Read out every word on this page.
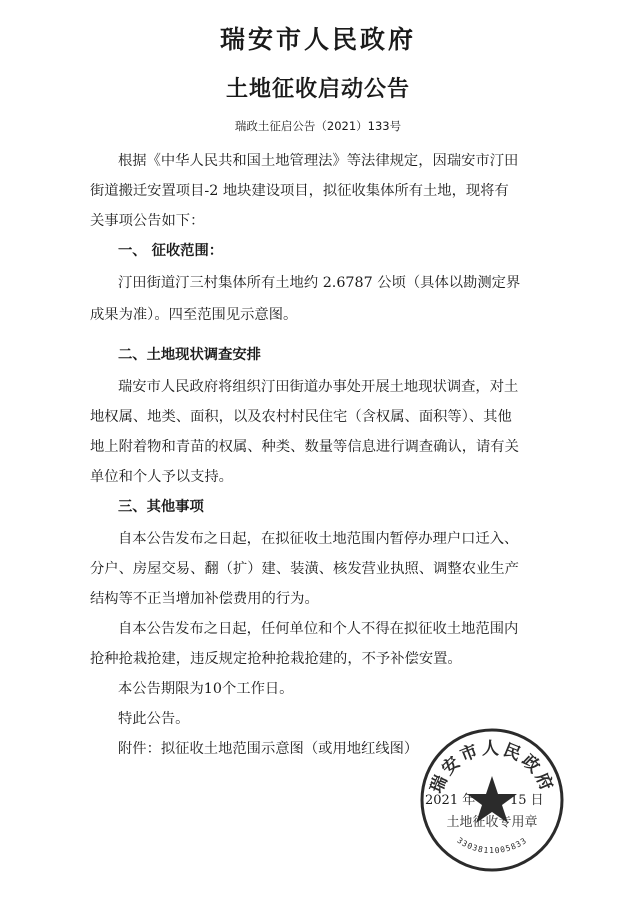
瑞安市人民政府
土地征收启动公告
瑞政土征启公告（2021）133号
根据《中华人民共和国土地管理法》等法律规定，因瑞安市汀田
街道搬迁安置项目-2 地块建设项目，拟征收集体所有土地，现将有
关事项公告如下：
一、 征收范围：
汀田街道汀三村集体所有土地约 2.6787 公顷（具体以勘测定界
成果为准）。四至范围见示意图。
二、土地现状调查安排
瑞安市人民政府将组织汀田街道办事处开展土地现状调查，对土
地权属、地类、面积，以及农村村民住宅（含权属、面积等）、其他
地上附着物和青苗的权属、种类、数量等信息进行调查确认，请有关
单位和个人予以支持。
三、其他事项
自本公告发布之日起，在拟征收土地范围内暂停办理户口迁入、
分户、房屋交易、翻（扩）建、装潢、核发营业执照、调整农业生产
结构等不正当增加补偿费用的行为。
自本公告发布之日起，任何单位和个人不得在拟征收土地范围内
抢种抢栽抢建，违反规定抢种抢栽抢建的，不予补偿安置。
本公告期限为10个工作日。
特此公告。
附件：拟征收土地范围示意图（或用地红线图）
2021 年	15 日
瑞安市人民政府
土地征收专用章
3303811005833
